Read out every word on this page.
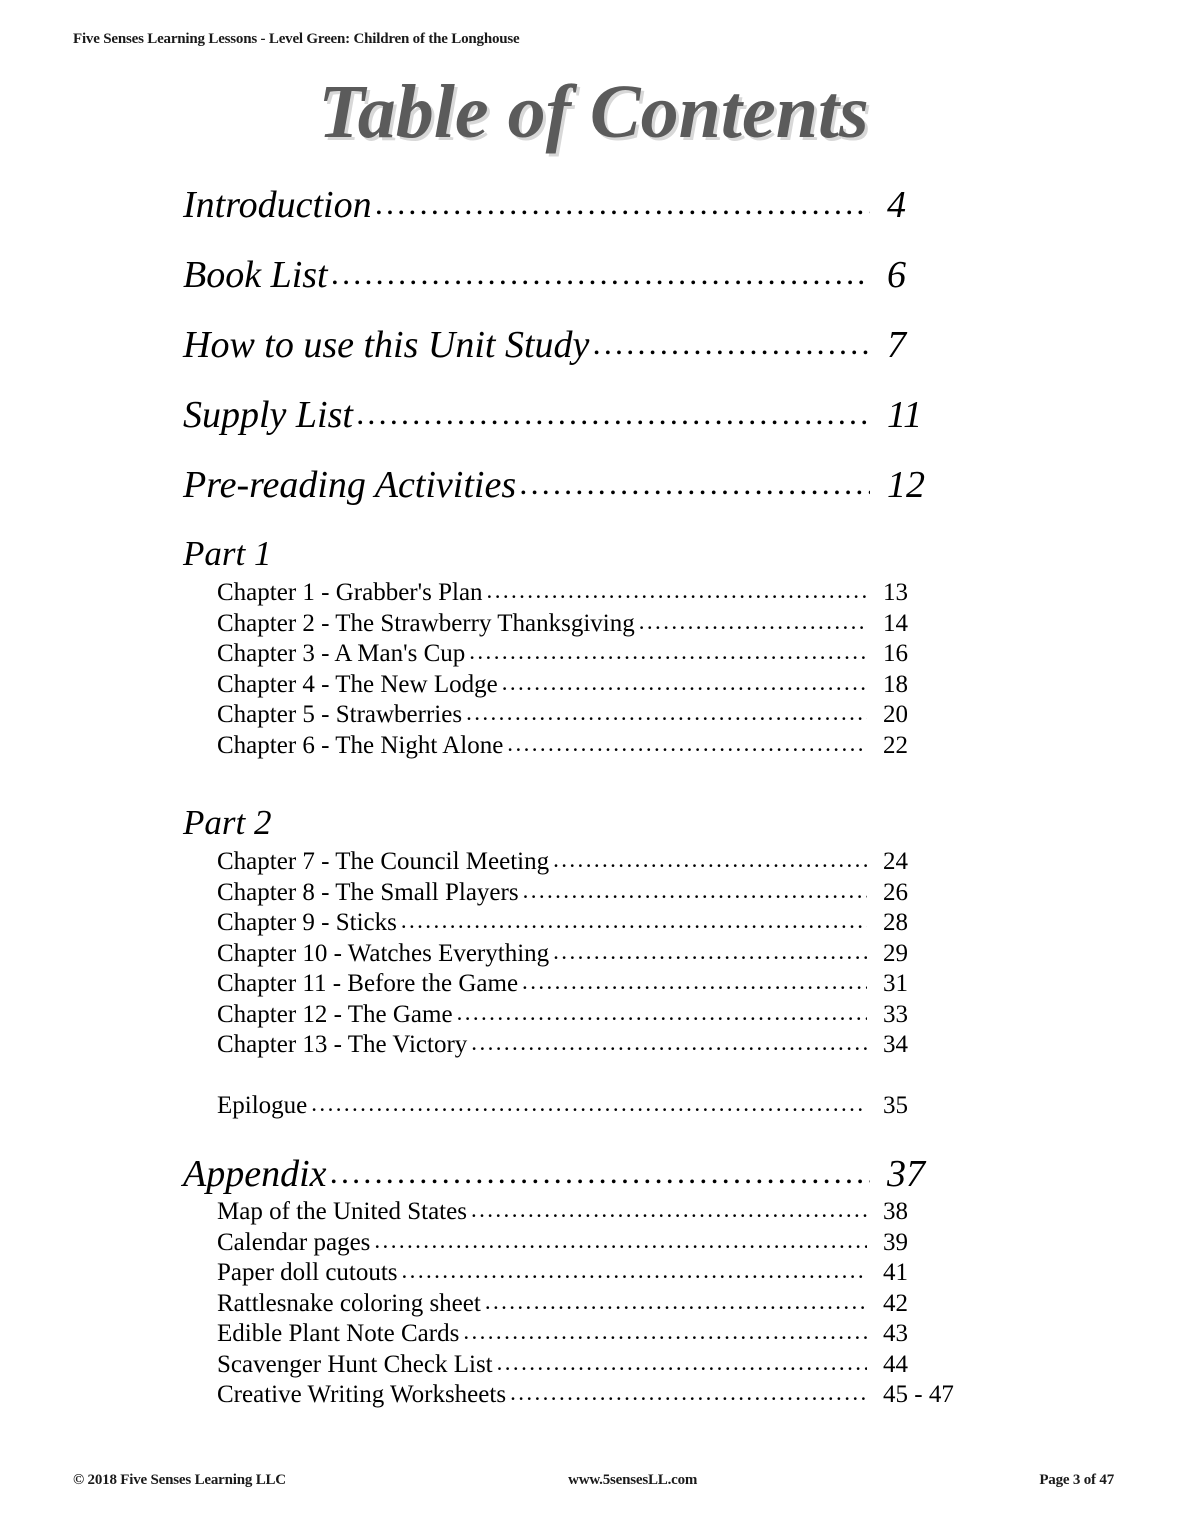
Five Senses Learning Lessons - Level Green: Children of the Longhouse
Table of Contents
Introduction .....	4
Book List .....	6
How to use this Unit Study .....	7
Supply List .....	11
Pre-reading Activities .....	12
Part 1
Chapter 1 - Grabber's Plan .....	13
Chapter 2 - The Strawberry Thanksgiving .....	14
Chapter 3 - A Man's Cup .....	16
Chapter 4 - The New Lodge .....	18
Chapter 5 - Strawberries .....	20
Chapter 6 - The Night Alone .....	22
Part 2
Chapter 7 - The Council Meeting .....	24
Chapter 8 - The Small Players .....	26
Chapter 9 - Sticks .....	28
Chapter 10 - Watches Everything .....	29
Chapter 11 - Before the Game .....	31
Chapter 12 - The Game .....	33
Chapter 13 - The Victory .....	34
Epilogue .....	35
Appendix .....	37
Map of the United States .....	38
Calendar pages .....	39
Paper doll cutouts .....	41
Rattlesnake coloring sheet .....	42
Edible Plant Note Cards .....	43
Scavenger Hunt Check List .....	44
Creative Writing Worksheets .....	45 - 47
© 2018 Five Senses Learning LLC	www.5sensesLL.com	Page 3 of 47
